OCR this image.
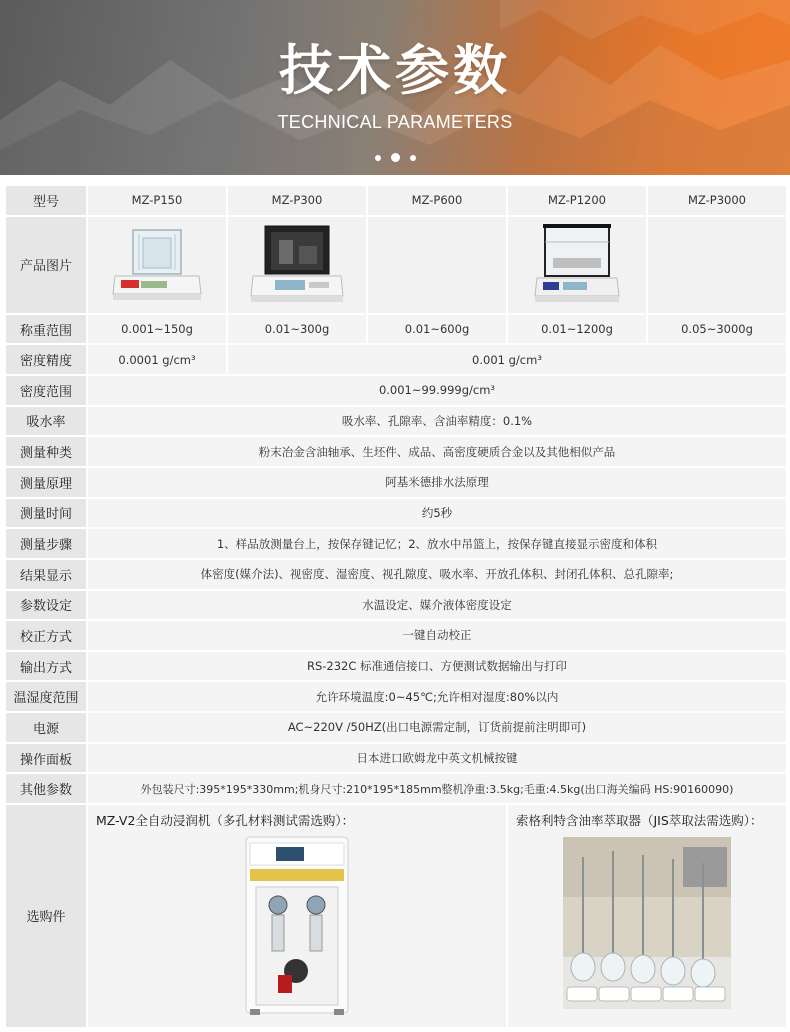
技术参数
TECHNICAL PARAMETERS
型号	MZ-P150	MZ-P300	MZ-P600	MZ-P1200	MZ-P3000
产品图片					
称重范围	0.001~150g	0.01~300g	0.01~600g	0.01~1200g	0.05~3000g
密度精度	0.0001 g/cm³	0.001 g/cm³			
密度范围	0.001~99.999g/cm³				
吸水率	吸水率、孔隙率、含油率精度：0.1%				
测量种类	粉末冶金含油轴承、生坯件、成品、高密度硬质合金以及其他相似产品				
测量原理	阿基米德排水法原理				
测量时间	约5秒				
测量步骤	1、样品放测量台上，按保存键记忆；2、放水中吊篮上，按保存键直接显示密度和体积				
结果显示	体密度(媒介法)、视密度、湿密度、视孔隙度、吸水率、开放孔体积、封闭孔体积、总孔隙率;				
参数设定	水温设定、媒介液体密度设定				
校正方式	一键自动校正				
输出方式	RS-232C 标准通信接口、方便测试数据输出与打印				
温湿度范围	允许环境温度:0~45℃;允许相对湿度:80%以内				
电源	AC~220V /50HZ(出口电源需定制，订货前提前注明即可)				
操作面板	日本进口欧姆龙中英文机械按键				
其他参数	外包装尺寸:395*195*330mm;机身尺寸:210*195*185mm整机净重:3.5kg;毛重:4.5kg(出口海关编码 HS:90160090)				
选购件	MZ-V2全自动浸润机（多孔材料测试需选购）：			索格利特含油率萃取器（JIS萃取法需选购）：	
